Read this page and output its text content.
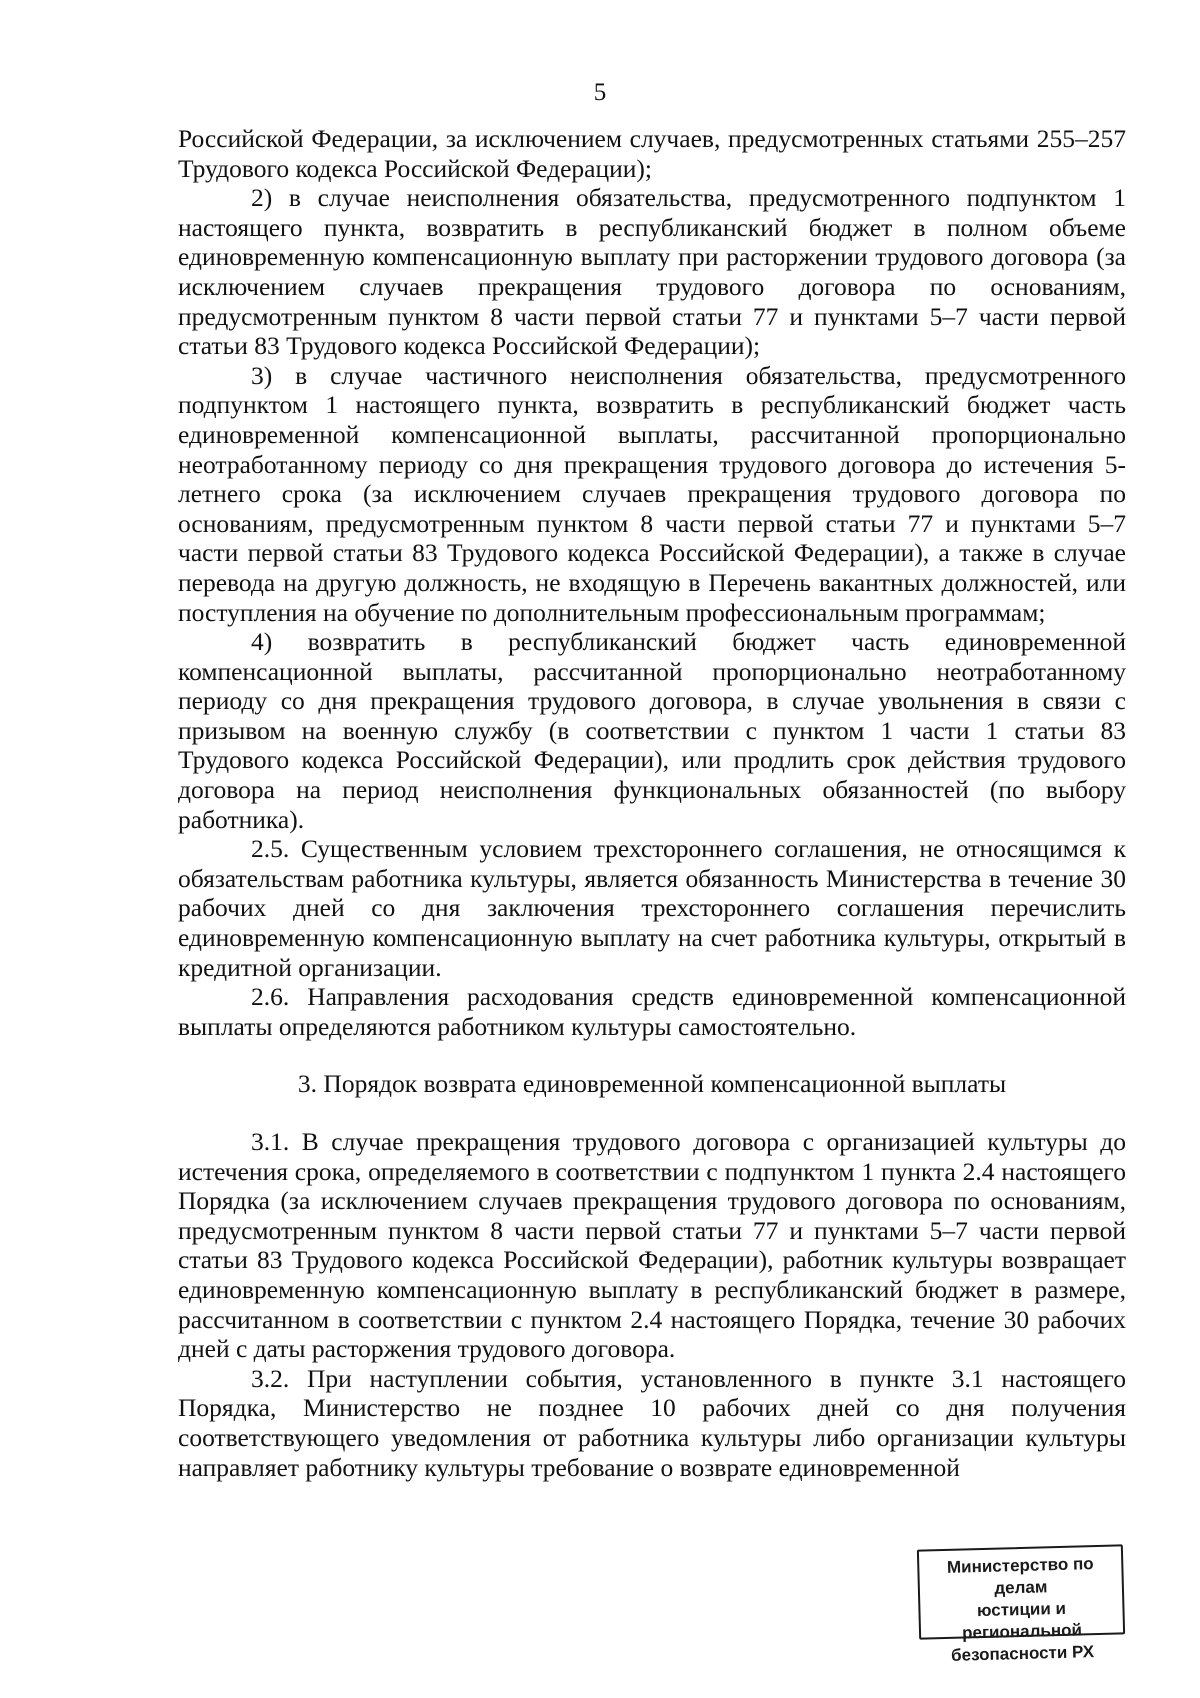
5

Российской Федерации, за исключением случаев, предусмотренных статьями 255–257 Трудового кодекса Российской Федерации);

2) в случае неисполнения обязательства, предусмотренного подпунктом 1 настоящего пункта, возвратить в республиканский бюджет в полном объеме единовременную компенсационную выплату при расторжении трудового договора (за исключением случаев прекращения трудового договора по основаниям, предусмотренным пунктом 8 части первой статьи 77 и пунктами 5–7 части первой статьи 83 Трудового кодекса Российской Федерации);

3) в случае частичного неисполнения обязательства, предусмотренного подпунктом 1 настоящего пункта, возвратить в республиканский бюджет часть единовременной компенсационной выплаты, рассчитанной пропорционально неотработанному периоду со дня прекращения трудового договора до истечения 5-летнего срока (за исключением случаев прекращения трудового договора по основаниям, предусмотренным пунктом 8 части первой статьи 77 и пунктами 5–7 части первой статьи 83 Трудового кодекса Российской Федерации), а также в случае перевода на другую должность, не входящую в Перечень вакантных должностей, или поступления на обучение по дополнительным профессиональным программам;

4) возвратить в республиканский бюджет часть единовременной компенсационной выплаты, рассчитанной пропорционально неотработанному периоду со дня прекращения трудового договора, в случае увольнения в связи с призывом на военную службу (в соответствии с пунктом 1 части 1 статьи 83 Трудового кодекса Российской Федерации), или продлить срок действия трудового договора на период неисполнения функциональных обязанностей (по выбору работника).

2.5. Существенным условием трехстороннего соглашения, не относящимся к обязательствам работника культуры, является обязанность Министерства в течение 30 рабочих дней со дня заключения трехстороннего соглашения перечислить единовременную компенсационную выплату на счет работника культуры, открытый в кредитной организации.

2.6. Направления расходования средств единовременной компенсационной выплаты определяются работником культуры самостоятельно.

3. Порядок возврата единовременной компенсационной выплаты

3.1. В случае прекращения трудового договора с организацией культуры до истечения срока, определяемого в соответствии с подпунктом 1 пункта 2.4 настоящего Порядка (за исключением случаев прекращения трудового договора по основаниям, предусмотренным пунктом 8 части первой статьи 77 и пунктами 5–7 части первой статьи 83 Трудового кодекса Российской Федерации), работник культуры возвращает единовременную компенсационную выплату в республиканский бюджет в размере, рассчитанном в соответствии с пунктом 2.4 настоящего Порядка, течение 30 рабочих дней с даты расторжения трудового договора.

3.2. При наступлении события, установленного в пункте 3.1 настоящего Порядка, Министерство не позднее 10 рабочих дней со дня получения соответствующего уведомления от работника культуры либо организации культуры направляет работнику культуры требование о возврате единовременной

Министерство по делам
юстиции и региональной
безопасности РХ
